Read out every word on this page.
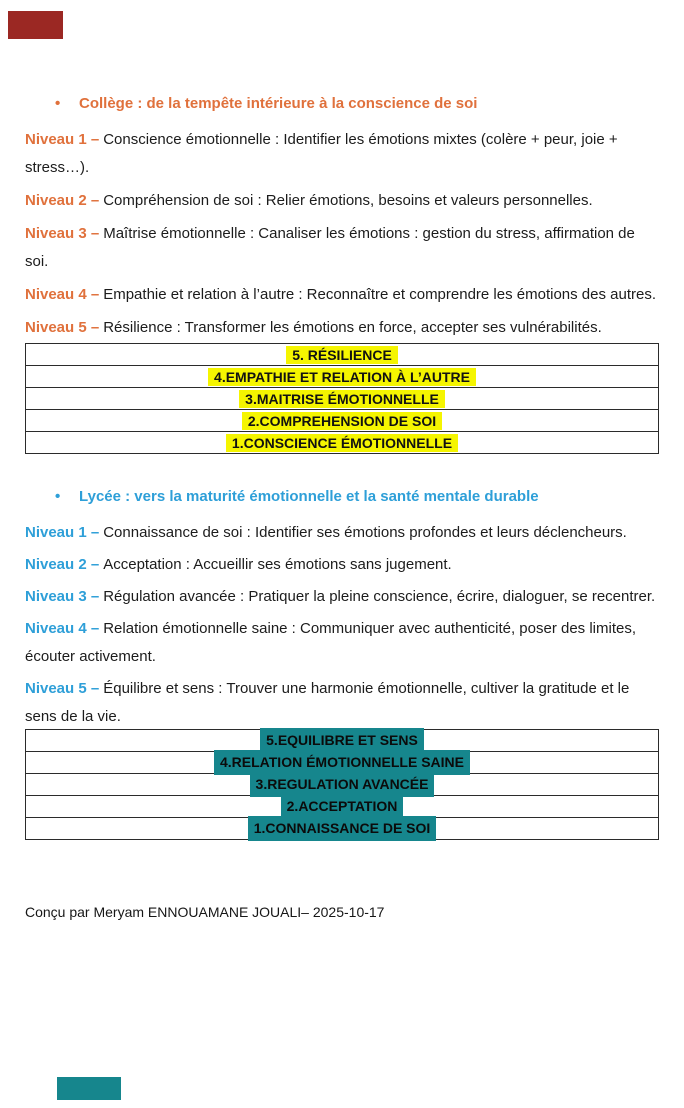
• Collège : de la tempête intérieure à la conscience de soi

Niveau 1 – Conscience émotionnelle : Identifier les émotions mixtes (colère + peur, joie + stress…).

Niveau 2 – Compréhension de soi : Relier émotions, besoins et valeurs personnelles.

Niveau 3 – Maîtrise émotionnelle : Canaliser les émotions : gestion du stress, affirmation de soi.

Niveau 4 – Empathie et relation à l’autre : Reconnaître et comprendre les émotions des autres.

Niveau 5 – Résilience : Transformer les émotions en force, accepter ses vulnérabilités.

5. RÉSILIENCE
4.EMPATHIE ET RELATION À L’AUTRE
3.MAITRISE ÉMOTIONNELLE
2.COMPREHENSION DE SOI
1.CONSCIENCE ÉMOTIONNELLE
• Lycée : vers la maturité émotionnelle et la santé mentale durable

Niveau 1 – Connaissance de soi : Identifier ses émotions profondes et leurs déclencheurs.

Niveau 2 – Acceptation : Accueillir ses émotions sans jugement.

Niveau 3 – Régulation avancée : Pratiquer la pleine conscience, écrire, dialoguer, se recentrer.

Niveau 4 – Relation émotionnelle saine : Communiquer avec authenticité, poser des limites, écouter activement.

Niveau 5 – Équilibre et sens : Trouver une harmonie émotionnelle, cultiver la gratitude et le sens de la vie.

5.EQUILIBRE ET SENS
4.RELATION ÉMOTIONNELLE SAINE
3.REGULATION AVANCÉE
2.ACCEPTATION
1.CONNAISSANCE DE SOI

Conçu par Meryam ENNOUAMANE JOUALI– 2025-10-17
